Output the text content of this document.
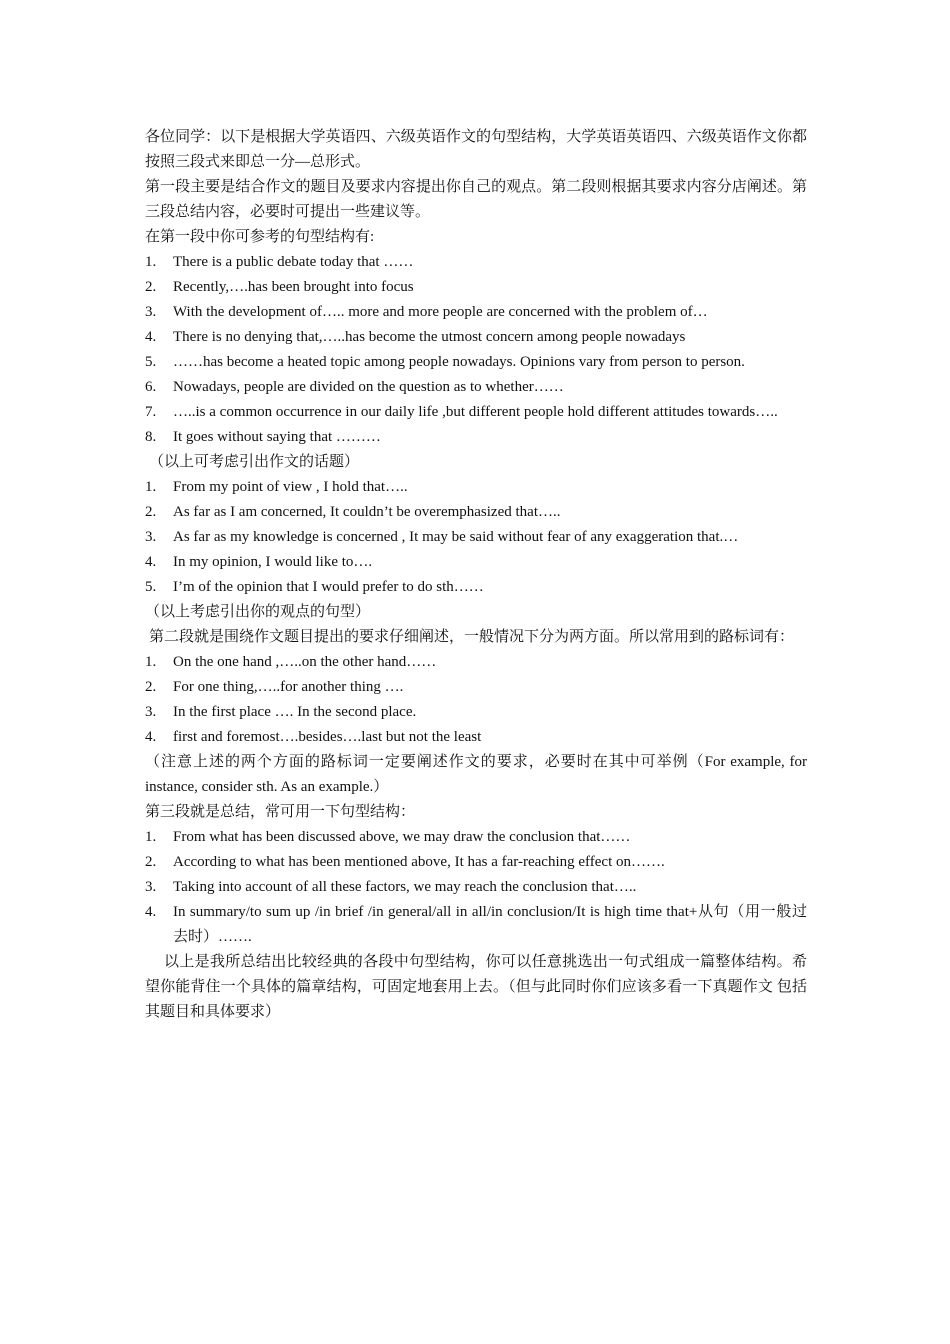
各位同学：以下是根据大学英语四、六级英语作文的句型结构，大学英语英语四、六级英语作文你都按照三段式来即总一分—总形式。

第一段主要是结合作文的题目及要求内容提出你自己的观点。第二段则根据其要求内容分店阐述。第三段总结内容，必要时可提出一些建议等。

在第一段中你可参考的句型结构有:

1. There is a public debate today that ……
2. Recently,….has been brought into focus
3. With the development of….. more and more people are concerned with the problem of…
4. There is no denying that,…..has become the utmost concern among people nowadays
5. ……has become a heated topic among people nowadays. Opinions vary from person to person.
6. Nowadays, people are divided on the question as to whether……
7. …..is a common occurrence in our daily life ,but different people hold different attitudes towards…..
8. It goes without saying that ………

（以上可考虑引出作文的话题）

1. From my point of view , I hold that…..
2. As far as I am concerned, It couldn’t be overemphasized that…..
3. As far as my knowledge is concerned , It may be said without fear of any exaggeration that.…
4. In my opinion, I would like to….
5. I’m of the opinion that I would prefer to do sth……

（以上考虑引出你的观点的句型）

第二段就是围绕作文题目提出的要求仔细阐述，一般情况下分为两方面。所以常用到的路标词有：

1. On the one hand ,…..on the other hand……
2. For one thing,…..for another thing ….
3. In the first place …. In the second place.
4. first and foremost….besides….last but not the least

（注意上述的两个方面的路标词一定要阐述作文的要求，必要时在其中可举例（For example, for instance, consider sth. As an example.）

第三段就是总结，常可用一下句型结构：

1. From what has been discussed above, we may draw the conclusion that……
2. According to what has been mentioned above, It has a far-reaching effect on…….
3. Taking into account of all these factors, we may reach the conclusion that…..
4. In summary/to sum up /in brief /in general/all in all/in conclusion/It is high time that+从句（用一般过去时）…….

以上是我所总结出比较经典的各段中句型结构，你可以任意挑选出一句式组成一篇整体结构。希望你能背住一个具体的篇章结构，可固定地套用上去。（但与此同时你们应该多看一下真题作文 包括其题目和具体要求）
